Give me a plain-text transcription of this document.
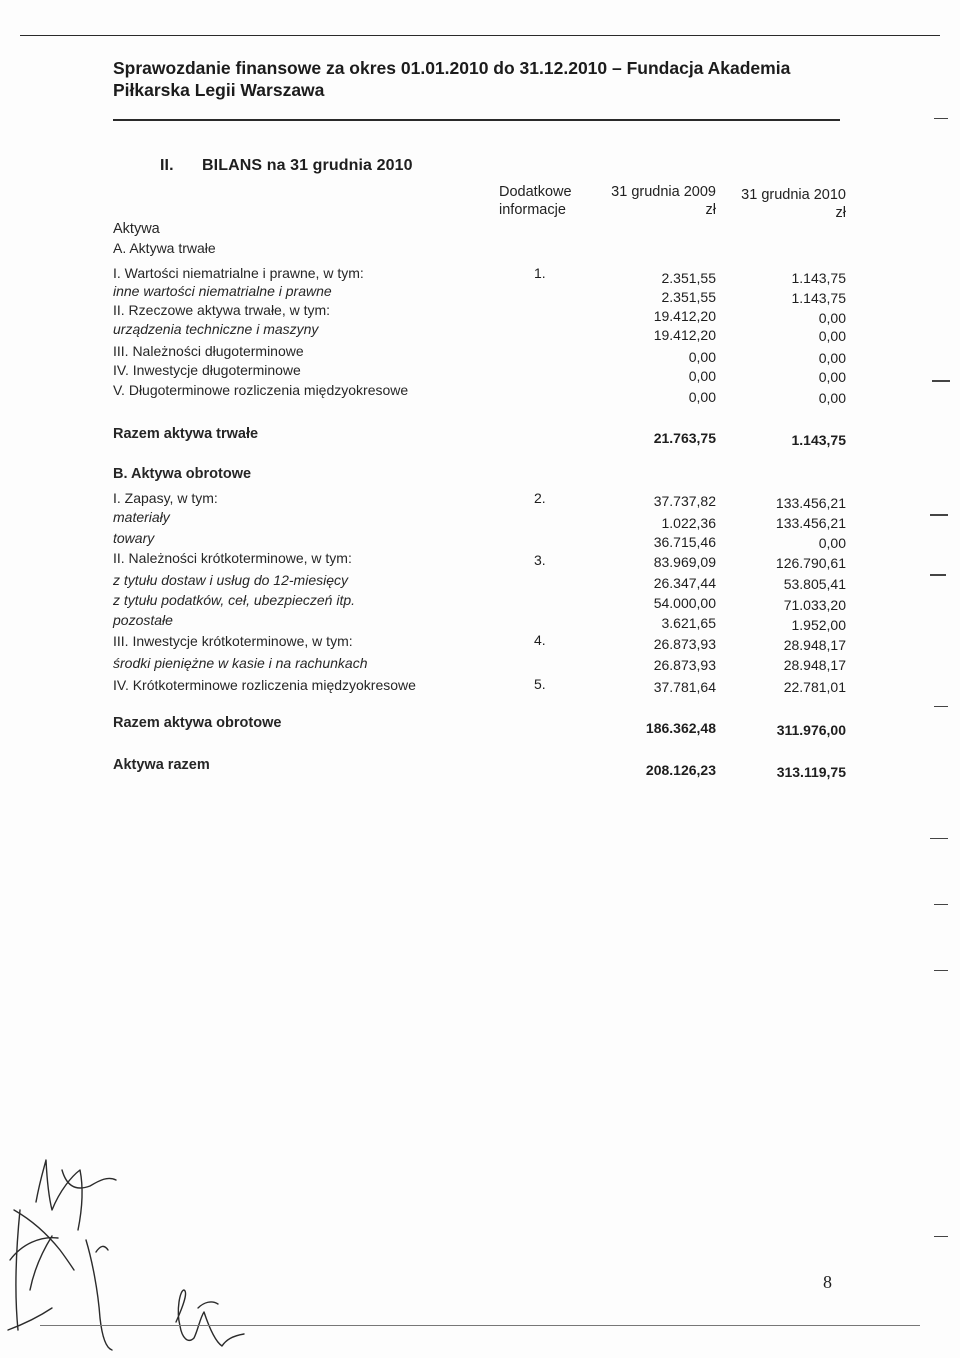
Sprawozdanie finansowe za okres 01.01.2010 do 31.12.2010 – Fundacja Akademia
Piłkarska Legii Warszawa
II. BILANS na 31 grudnia 2010
Dodatkowe
informacje
31 grudnia 2009
zł
31 grudnia 2010
zł
Aktywa
A. Aktywa trwałe
I. Wartości niematrialne i prawne, w tym:	1.	2.351,55	1.143,75
inne wartości niematrialne i prawne	2.351,55	1.143,75
II. Rzeczowe aktywa trwałe, w tym:	19.412,20	0,00
urządzenia techniczne i maszyny	19.412,20	0,00
III. Należności długoterminowe	0,00	0,00
IV. Inwestycje długoterminowe	0,00	0,00
V. Długoterminowe rozliczenia międzyokresowe	0,00	0,00
Razem aktywa trwałe	21.763,75	1.143,75
B. Aktywa obrotowe
I. Zapasy, w tym:	2.	37.737,82	133.456,21
materiały	1.022,36	133.456,21
towary	36.715,46	0,00
II. Należności krótkoterminowe, w tym:	3.	83.969,09	126.790,61
z tytułu dostaw i usług do 12-miesięcy	26.347,44	53.805,41
z tytułu podatków, ceł, ubezpieczeń itp.	54.000,00	71.033,20
pozostałe	3.621,65	1.952,00
III. Inwestycje krótkoterminowe, w tym:	4.	26.873,93	28.948,17
środki pieniężne w kasie i na rachunkach	26.873,93	28.948,17
IV. Krótkoterminowe rozliczenia międzyokresowe	5.	37.781,64	22.781,01
Razem aktywa obrotowe	186.362,48	311.976,00
Aktywa razem	208.126,23	313.119,75
8
